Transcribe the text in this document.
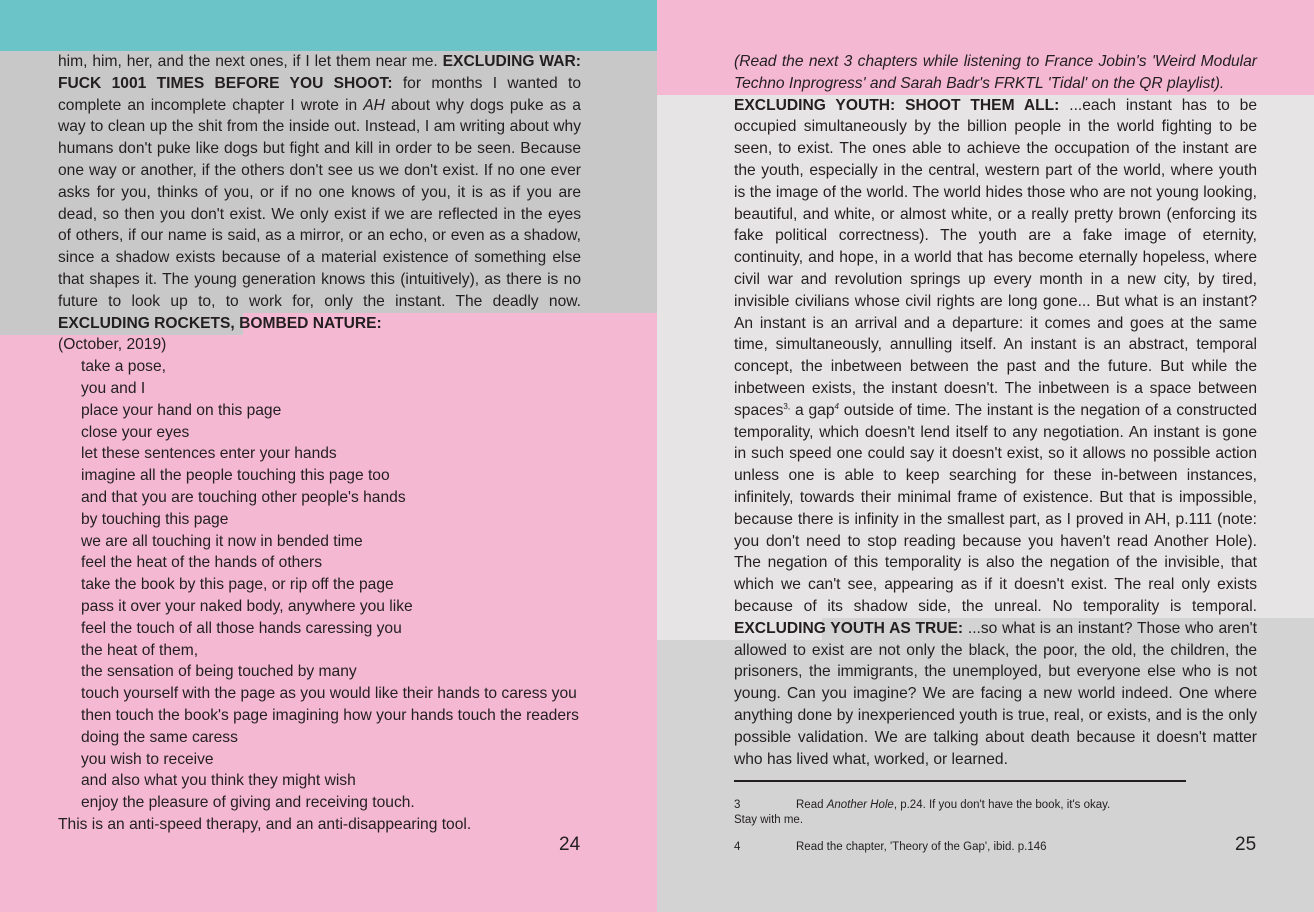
him, him, her, and the next ones, if I let them near me. EXCLUDING WAR: FUCK 1001 TIMES BEFORE YOU SHOOT: for months I wanted to complete an incomplete chapter I wrote in AH about why dogs puke as a way to clean up the shit from the inside out. Instead, I am writing about why humans don't puke like dogs but fight and kill in order to be seen. Because one way or another, if the others don't see us we don't exist. If no one ever asks for you, thinks of you, or if no one knows of you, it is as if you are dead, so then you don't exist. We only exist if we are reflected in the eyes of others, if our name is said, as a mirror, or an echo, or even as a shadow, since a shadow exists because of a material existence of something else that shapes it. The young generation knows this (intuitively), as there is no future to look up to, to work for, only the instant. The deadly now. EXCLUDING ROCKETS, BOMBED NATURE:

(October, 2019)

take a pose,
you and I
place your hand on this page
close your eyes
let these sentences enter your hands
imagine all the people touching this page too
and that you are touching other people's hands
by touching this page
we are all touching it now in bended time
feel the heat of the hands of others
take the book by this page, or rip off the page
pass it over your naked body, anywhere you like
feel the touch of all those hands caressing you
the heat of them,
the sensation of being touched by many
touch yourself with the page as you would like their hands to caress you
then touch the book's page imagining how your hands touch the readers
doing the same caress
you wish to receive
and also what you think they might wish
enjoy the pleasure of giving and receiving touch.

This is an anti-speed therapy, and an anti-disappearing tool.

24

(Read the next 3 chapters while listening to France Jobin's 'Weird Modular Techno Inprogress' and Sarah Badr's FRKTL 'Tidal' on the QR playlist).

EXCLUDING YOUTH: SHOOT THEM ALL: ...each instant has to be occupied simultaneously by the billion people in the world fighting to be seen, to exist. The ones able to achieve the occupation of the instant are the youth, especially in the central, western part of the world, where youth is the image of the world. The world hides those who are not young looking, beautiful, and white, or almost white, or a really pretty brown (enforcing its fake political correctness). The youth are a fake image of eternity, continuity, and hope, in a world that has become eternally hopeless, where civil war and revolution springs up every month in a new city, by tired, invisible civilians whose civil rights are long gone... But what is an instant? An instant is an arrival and a departure: it comes and goes at the same time, simultaneously, annulling itself. An instant is an abstract, temporal concept, the inbetween between the past and the future. But while the inbetween exists, the instant doesn't. The inbetween is a space between spaces$^{3,}$ a gap$^4$ outside of time. The instant is the negation of a constructed temporality, which doesn't lend itself to any negotiation. An instant is gone in such speed one could say it doesn't exist, so it allows no possible action unless one is able to keep searching for these in-between instances, infinitely, towards their minimal frame of existence. But that is impossible, because there is infinity in the smallest part, as I proved in AH, p.111 (note: you don't need to stop reading because you haven't read Another Hole). The negation of this temporality is also the negation of the invisible, that which we can't see, appearing as if it doesn't exist. The real only exists because of its shadow side, the unreal. No temporality is temporal. EXCLUDING YOUTH AS TRUE: ...so what is an instant? Those who aren't allowed to exist are not only the black, the poor, the old, the children, the prisoners, the immigrants, the unemployed, but everyone else who is not young. Can you imagine? We are facing a new world indeed. One where anything done by inexperienced youth is true, real, or exists, and is the only possible validation. We are talking about death because it doesn't matter who has lived what, worked, or learned.

3	Read Another Hole, p.24. If you don't have the book, it's okay.
Stay with me.
4	Read the chapter, 'Theory of the Gap', ibid. p.146	25
